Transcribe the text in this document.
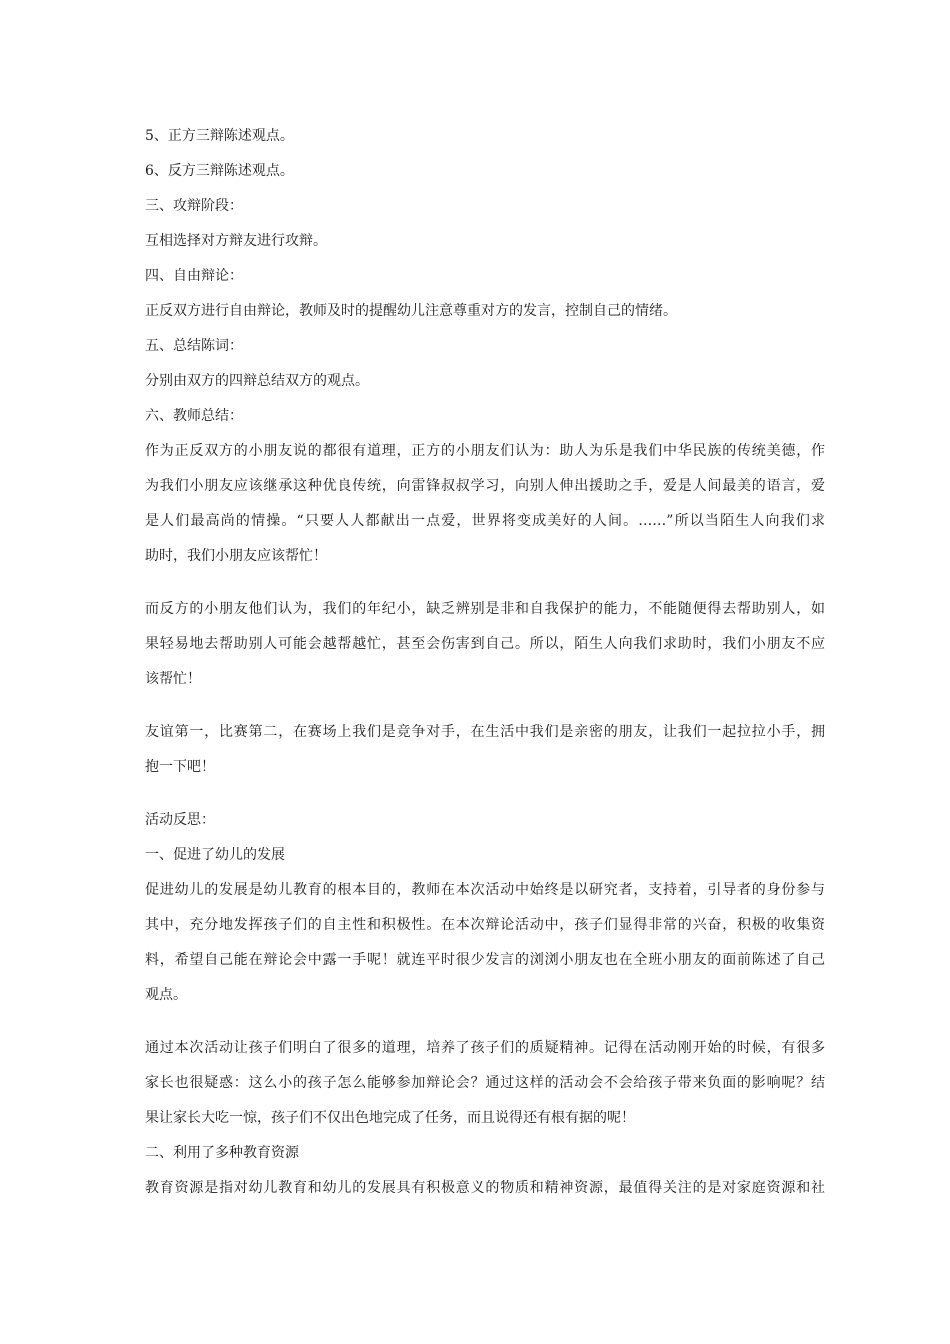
5、正方三辩陈述观点。
6、反方三辩陈述观点。
三、攻辩阶段：
互相选择对方辩友进行攻辩。
四、自由辩论：
正反双方进行自由辩论，教师及时的提醒幼儿注意尊重对方的发言，控制自己的情绪。
五、总结陈词：
分别由双方的四辩总结双方的观点。
六、教师总结：
作为正反双方的小朋友说的都很有道理，正方的小朋友们认为：助人为乐是我们中华民族的传统美德，作
为我们小朋友应该继承这种优良传统，向雷锋叔叔学习，向别人伸出援助之手，爱是人间最美的语言，爱
是人们最高尚的情操。“只要人人都献出一点爱，世界将变成美好的人间。……”所以当陌生人向我们求
助时，我们小朋友应该帮忙！
而反方的小朋友他们认为，我们的年纪小，缺乏辨别是非和自我保护的能力，不能随便得去帮助别人，如
果轻易地去帮助别人可能会越帮越忙，甚至会伤害到自己。所以，陌生人向我们求助时，我们小朋友不应
该帮忙！
友谊第一，比赛第二，在赛场上我们是竞争对手，在生活中我们是亲密的朋友，让我们一起拉拉小手，拥
抱一下吧！
活动反思：
一、促进了幼儿的发展
促进幼儿的发展是幼儿教育的根本目的，教师在本次活动中始终是以研究者，支持着，引导者的身份参与
其中，充分地发挥孩子们的自主性和积极性。在本次辩论活动中，孩子们显得非常的兴奋，积极的收集资
料，希望自己能在辩论会中露一手呢！就连平时很少发言的浏浏小朋友也在全班小朋友的面前陈述了自己
观点。
通过本次活动让孩子们明白了很多的道理，培养了孩子们的质疑精神。记得在活动刚开始的时候，有很多
家长也很疑惑：这么小的孩子怎么能够参加辩论会？通过这样的活动会不会给孩子带来负面的影响呢？结
果让家长大吃一惊，孩子们不仅出色地完成了任务，而且说得还有根有据的呢！
二、利用了多种教育资源
教育资源是指对幼儿教育和幼儿的发展具有积极意义的物质和精神资源，最值得关注的是对家庭资源和社
